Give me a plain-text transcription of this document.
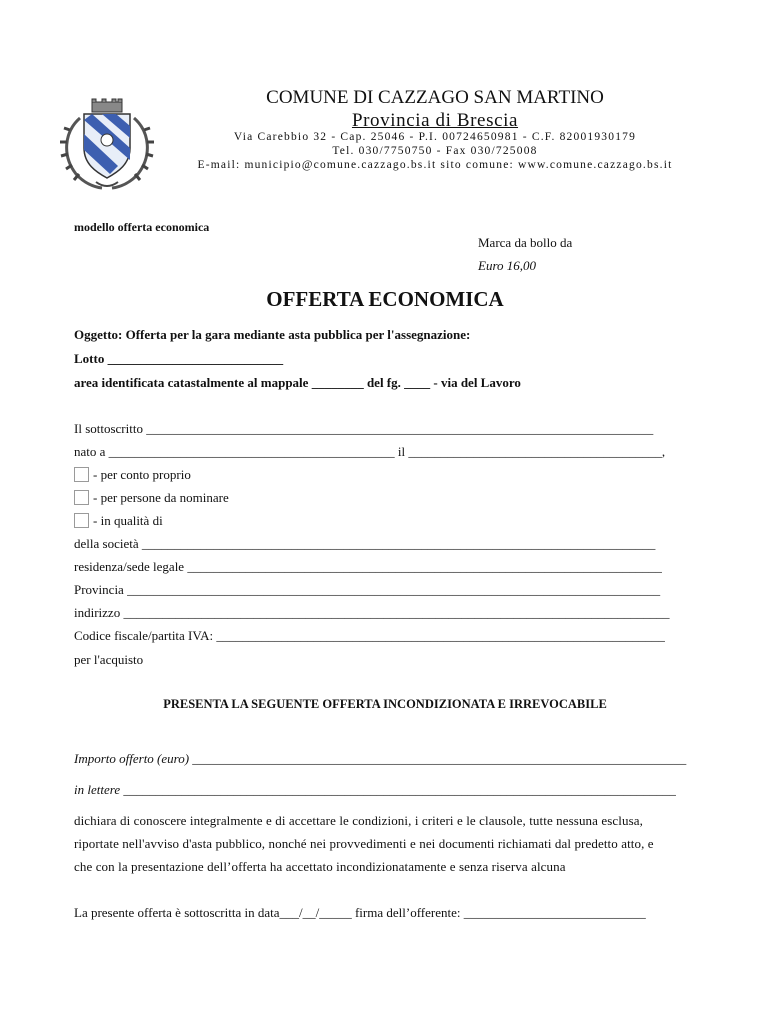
COMUNE DI CAZZAGO SAN MARTINO
Provincia di Brescia
Via Carebbio 32 - Cap. 25046 - P.I. 00724650981 - C.F. 82001930179
Tel. 030/7750750 - Fax 030/725008
E-mail: municipio@comune.cazzago.bs.it sito comune: www.comune.cazzago.bs.it
modello offerta economica
Marca da bollo da
Euro 16,00
OFFERTA ECONOMICA
Oggetto: Offerta per la gara mediante asta pubblica per l'assegnazione:
Lotto ___________________________
area identificata catastalmente al mappale ________ del fg. ____ - via del Lavoro
Il sottoscritto ______________________________________________________________________________
nato a ____________________________________________ il _______________________________________,
- per conto proprio
- per persone da nominare
- in qualità di
della società _______________________________________________________________________________
residenza/sede legale _________________________________________________________________________
Provincia __________________________________________________________________________________
indirizzo ____________________________________________________________________________________
Codice fiscale/partita IVA: _____________________________________________________________________
per l'acquisto
PRESENTA LA SEGUENTE OFFERTA INCONDIZIONATA E IRREVOCABILE
Importo offerto (euro) ____________________________________________________________________________
in lettere _____________________________________________________________________________________
dichiara di conoscere integralmente e di accettare le condizioni, i criteri e le clausole, tutte nessuna esclusa,
riportate nell'avviso d'asta pubblico, nonché nei provvedimenti e nei documenti richiamati dal predetto atto, e
che con la presentazione dell’offerta ha accettato incondizionatamente e senza riserva alcuna
La presente offerta è sottoscritta in data___/__/_____ firma dell’offerente: ____________________________
